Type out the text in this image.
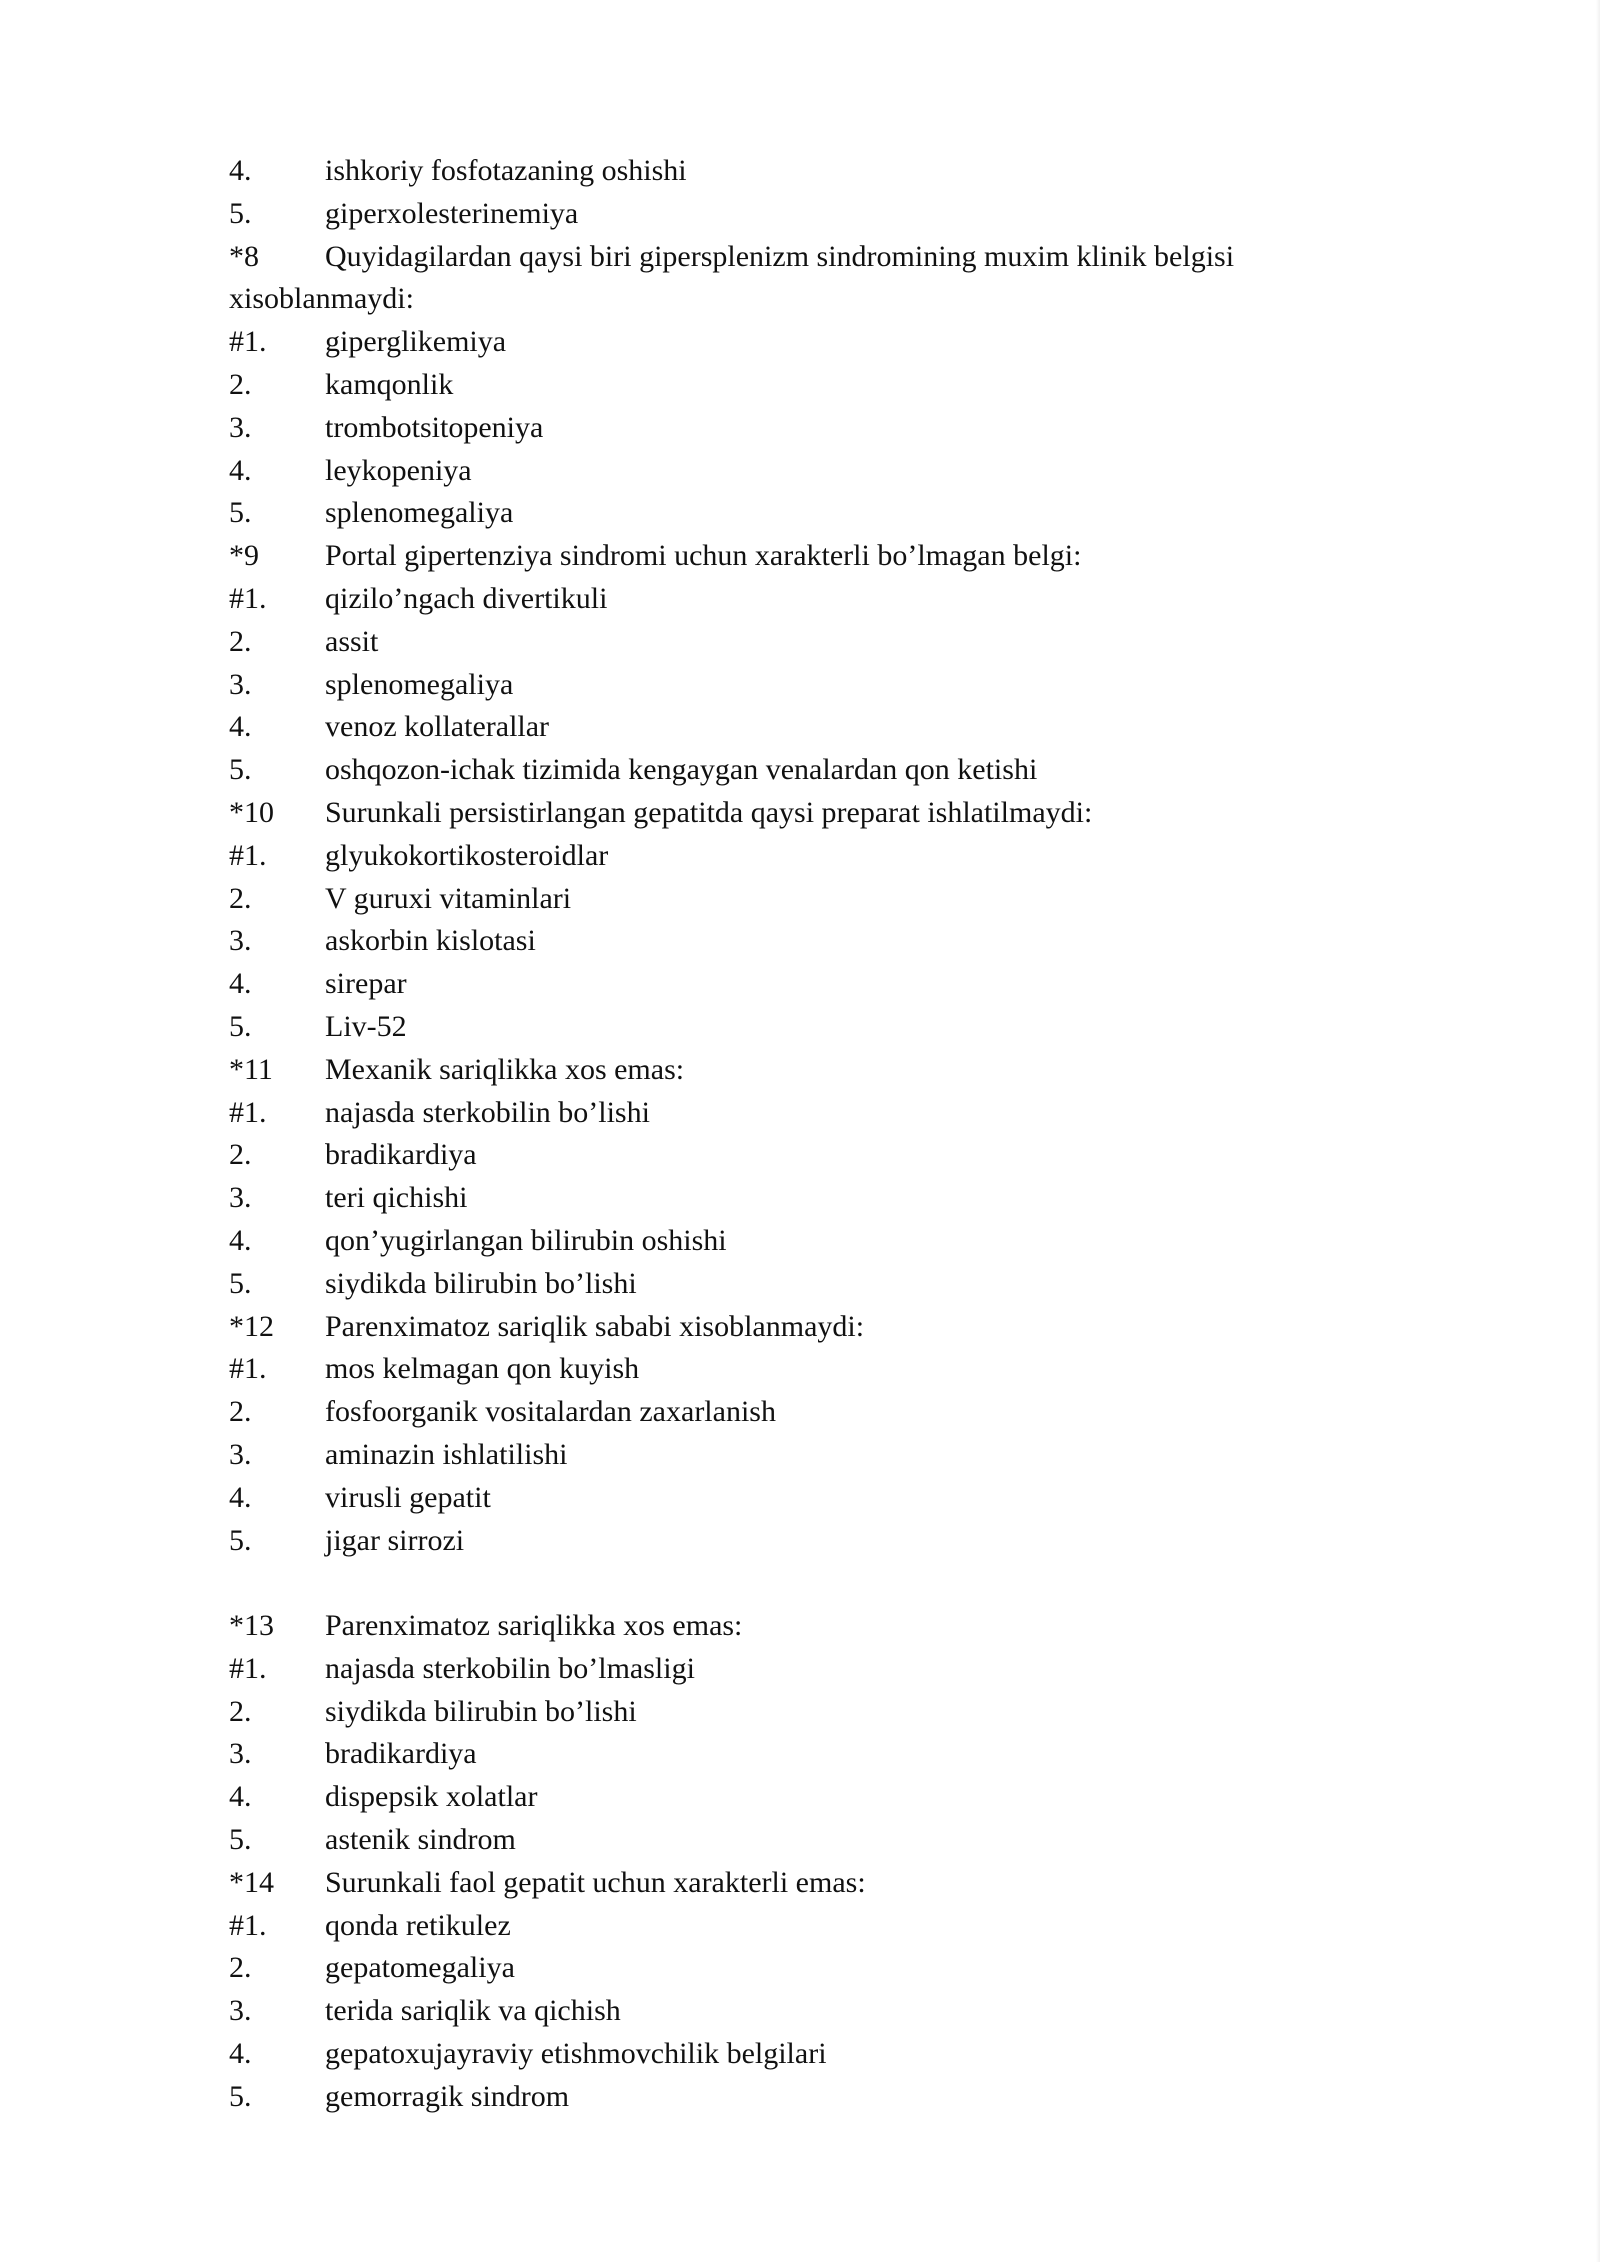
4. ishkoriy fosfotazaning oshishi
5. giperxolesterinemiya
*8 Quyidagilardan qaysi biri gipersplenizm sindromining muxim klinik belgisi
xisoblanmaydi:
#1. giperglikemiya
2. kamqonlik
3. trombotsitopeniya
4. leykopeniya
5. splenomegaliya
*9 Portal gipertenziya sindromi uchun xarakterli bo’lmagan belgi:
#1. qizilo’ngach divertikuli
2. assit
3. splenomegaliya
4. venoz kollaterallar
5. oshqozon-ichak tizimida kengaygan venalardan qon ketishi
*10 Surunkali persistirlangan gepatitda qaysi preparat ishlatilmaydi:
#1. glyukokortikosteroidlar
2. V guruxi vitaminlari
3. askorbin kislotasi
4. sirepar
5. Liv-52
*11 Mexanik sariqlikka xos emas:
#1. najasda sterkobilin bo’lishi
2. bradikardiya
3. teri qichishi
4. qon’yugirlangan bilirubin oshishi
5. siydikda bilirubin bo’lishi
*12 Parenximatoz sariqlik sababi xisoblanmaydi:
#1. mos kelmagan qon kuyish
2. fosfoorganik vositalardan zaxarlanish
3. aminazin ishlatilishi
4. virusli gepatit
5. jigar sirrozi
*13 Parenximatoz sariqlikka xos emas:
#1. najasda sterkobilin bo’lmasligi
2. siydikda bilirubin bo’lishi
3. bradikardiya
4. dispepsik xolatlar
5. astenik sindrom
*14 Surunkali faol gepatit uchun xarakterli emas:
#1. qonda retikulez
2. gepatomegaliya
3. terida sariqlik va qichish
4. gepatoxujayraviy etishmovchilik belgilari
5. gemorragik sindrom
